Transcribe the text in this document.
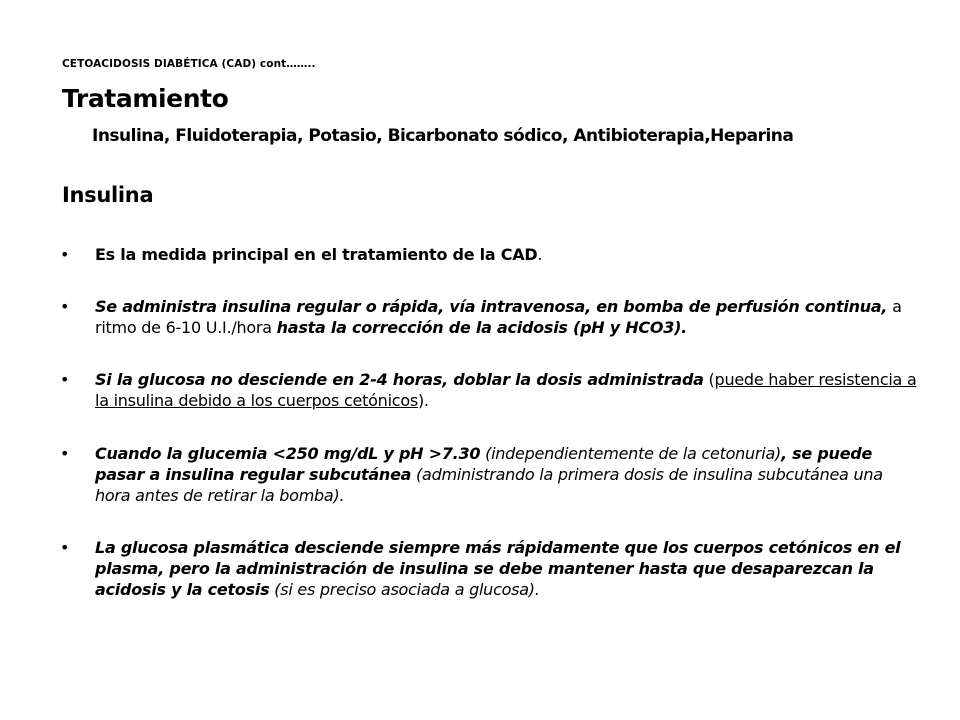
CETOACIDOSIS DIABÉTICA (CAD) cont……..
Tratamiento
Insulina, Fluidoterapia, Potasio, Bicarbonato sódico, Antibioterapia,Heparina
Insulina
• Es la medida principal en el tratamiento de la CAD.
• Se administra insulina regular o rápida, vía intravenosa, en bomba de perfusión continua, a ritmo de 6-10 U.I./hora hasta la corrección de la acidosis (pH y HCO3).
• Si la glucosa no desciende en 2-4 horas, doblar la dosis administrada (puede haber resistencia a la insulina debido a los cuerpos cetónicos).
• Cuando la glucemia <250 mg/dL y pH >7.30 (independientemente de la cetonuria), se puede pasar a insulina regular subcutánea (administrando la primera dosis de insulina subcutánea una hora antes de retirar la bomba).
• La glucosa plasmática desciende siempre más rápidamente que los cuerpos cetónicos en el plasma, pero la administración de insulina se debe mantener hasta que desaparezcan la acidosis y la cetosis (si es preciso asociada a glucosa).
